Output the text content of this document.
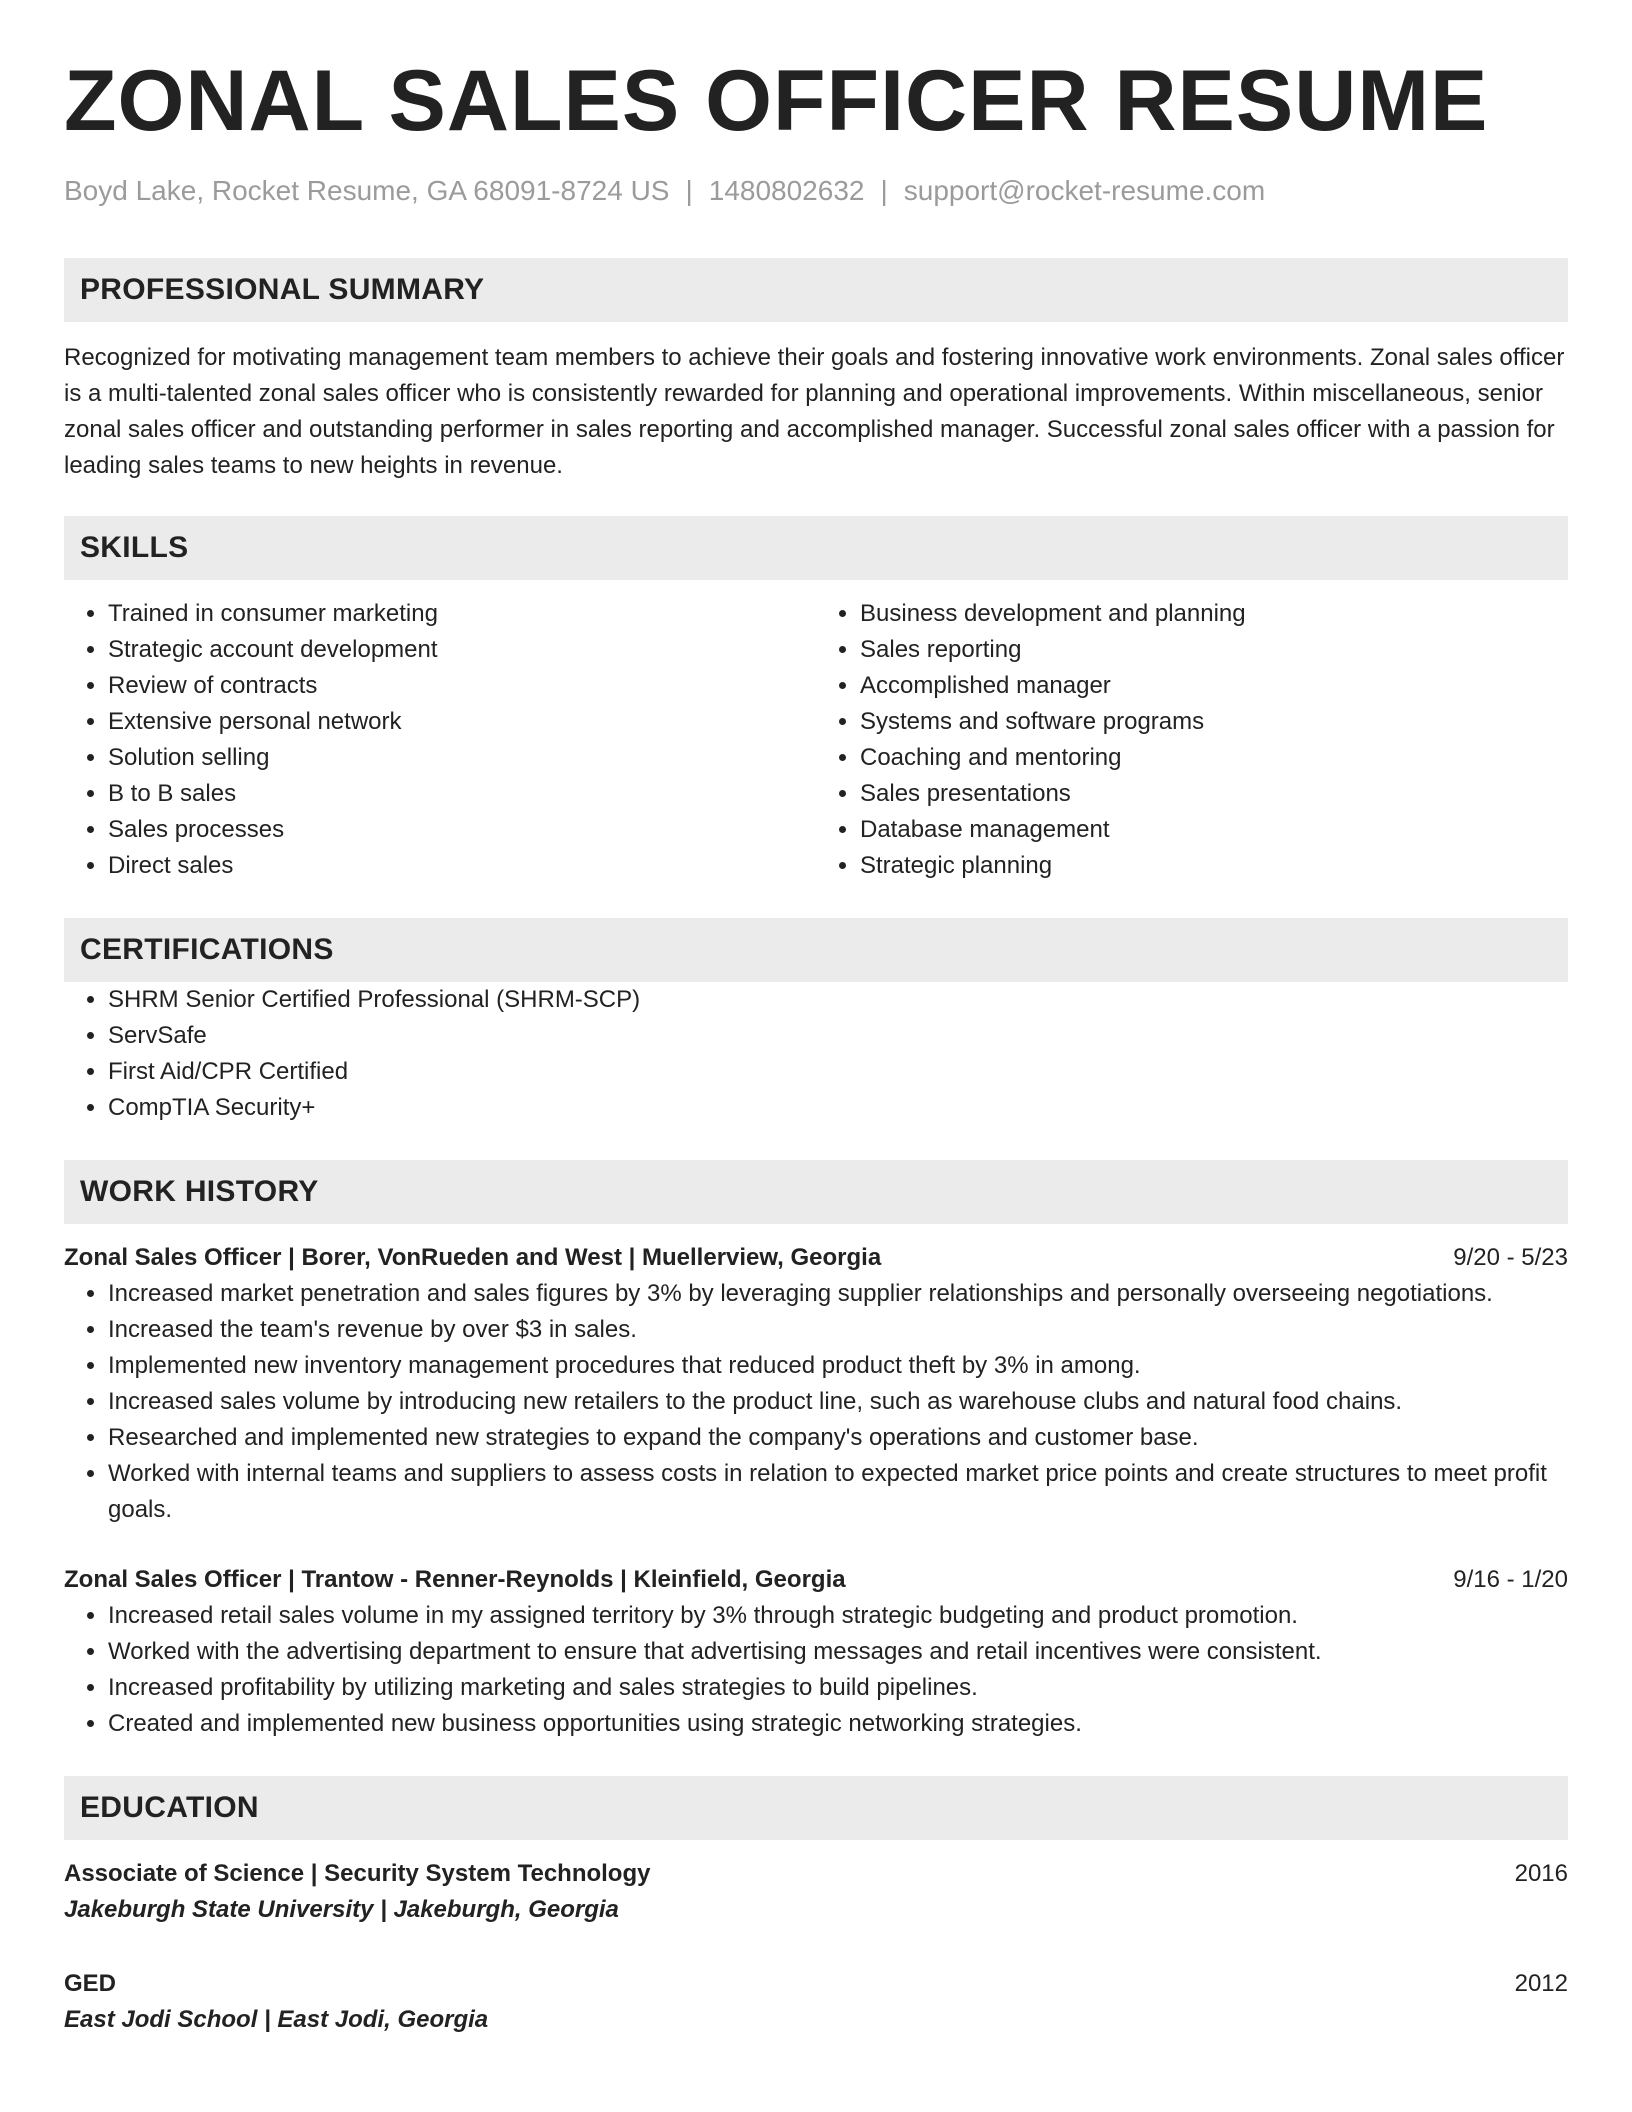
ZONAL SALES OFFICER RESUME
Boyd Lake, Rocket Resume, GA 68091-8724 US | 1480802632 | support@rocket-resume.com
PROFESSIONAL SUMMARY

Recognized for motivating management team members to achieve their goals and fostering innovative work environments. Zonal sales officer is a multi-talented zonal sales officer who is consistently rewarded for planning and operational improvements. Within miscellaneous, senior zonal sales officer and outstanding performer in sales reporting and accomplished manager. Successful zonal sales officer with a passion for leading sales teams to new heights in revenue.

SKILLS
• Trained in consumer marketing
• Strategic account development
• Review of contracts
• Extensive personal network
• Solution selling
• B to B sales
• Sales processes
• Direct sales
• Business development and planning
• Sales reporting
• Accomplished manager
• Systems and software programs
• Coaching and mentoring
• Sales presentations
• Database management
• Strategic planning
CERTIFICATIONS
• SHRM Senior Certified Professional (SHRM-SCP)
• ServSafe
• First Aid/CPR Certified
• CompTIA Security+
WORK HISTORY
Zonal Sales Officer | Borer, VonRueden and West | Muellerview, Georgia	9/20 - 5/23
• Increased market penetration and sales figures by 3% by leveraging supplier relationships and personally overseeing negotiations.
• Increased the team's revenue by over $3 in sales.
• Implemented new inventory management procedures that reduced product theft by 3% in among.
• Increased sales volume by introducing new retailers to the product line, such as warehouse clubs and natural food chains.
• Researched and implemented new strategies to expand the company's operations and customer base.
• Worked with internal teams and suppliers to assess costs in relation to expected market price points and create structures to meet profit goals.
Zonal Sales Officer | Trantow - Renner-Reynolds | Kleinfield, Georgia	9/16 - 1/20
• Increased retail sales volume in my assigned territory by 3% through strategic budgeting and product promotion.
• Worked with the advertising department to ensure that advertising messages and retail incentives were consistent.
• Increased profitability by utilizing marketing and sales strategies to build pipelines.
• Created and implemented new business opportunities using strategic networking strategies.
EDUCATION
Associate of Science | Security System Technology	2016
Jakeburgh State University | Jakeburgh, Georgia
GED	2012
East Jodi School | East Jodi, Georgia
